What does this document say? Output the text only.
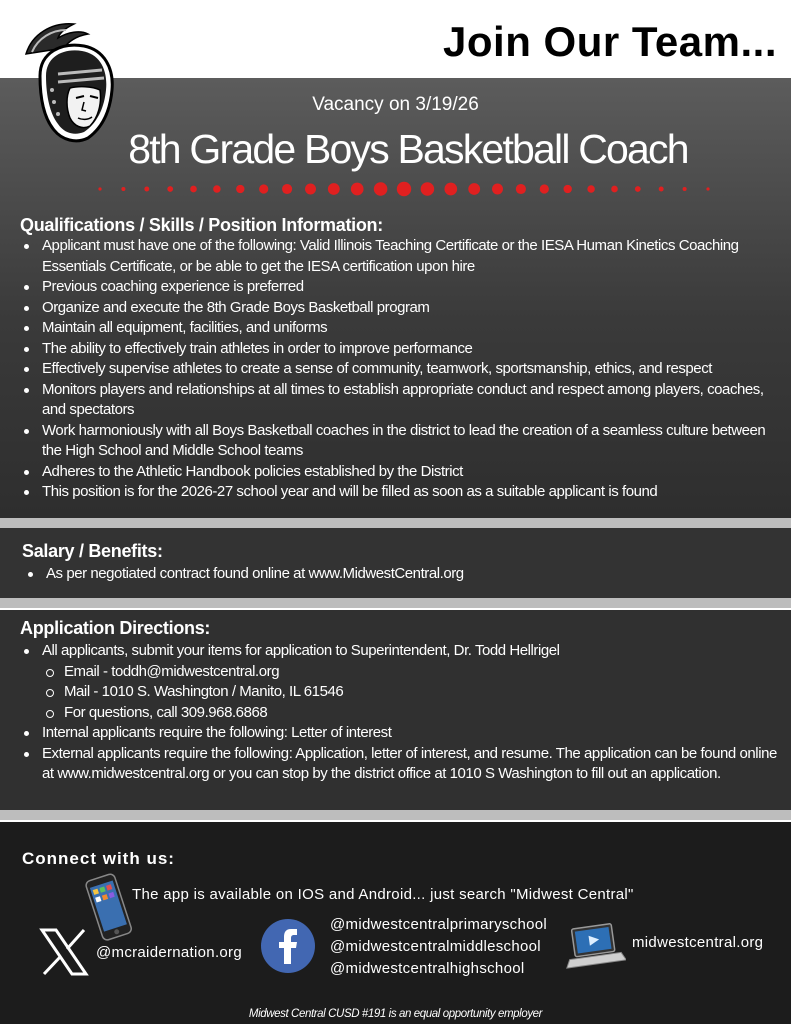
Join Our Team...
Vacancy on 3/19/26
8th Grade Boys Basketball Coach
Qualifications / Skills / Position Information:
Applicant must have one of the following: Valid Illinois Teaching Certificate or the IESA Human Kinetics Coaching Essentials Certificate, or be able to get the IESA certification upon hire
Previous coaching experience is preferred
Organize and execute the 8th Grade Boys Basketball program
Maintain all equipment, facilities, and uniforms
The ability to effectively train athletes in order to improve performance
Effectively supervise athletes to create a sense of community, teamwork, sportsmanship, ethics, and respect
Monitors players and relationships at all times to establish appropriate conduct and respect among players, coaches, and spectators
Work harmoniously with all Boys Basketball coaches in the district to lead the creation of a seamless culture between the High School and Middle School teams
Adheres to the Athletic Handbook policies established by the District
This position is for the 2026-27 school year and will be filled as soon as a suitable applicant is found
Salary / Benefits:
As per negotiated contract found online at www.MidwestCentral.org
Application Directions:
All applicants, submit your items for application to Superintendent, Dr. Todd Hellrigel
Email - toddh@midwestcentral.org
Mail - 1010 S. Washington / Manito, IL 61546
For questions, call 309.968.6868
Internal applicants require the following: Letter of interest
External applicants require the following: Application, letter of interest, and resume. The application can be found online at www.midwestcentral.org or you can stop by the district office at 1010 S Washington to fill out an application.
Connect with us:
The app is available on IOS and Android... just search "Midwest Central"
@mcraidernation.org
@midwestcentralprimaryschool
@midwestcentralmiddleschool
@midwestcentralhighschool
midwestcentral.org
Midwest Central CUSD #191 is an equal opportunity employer
